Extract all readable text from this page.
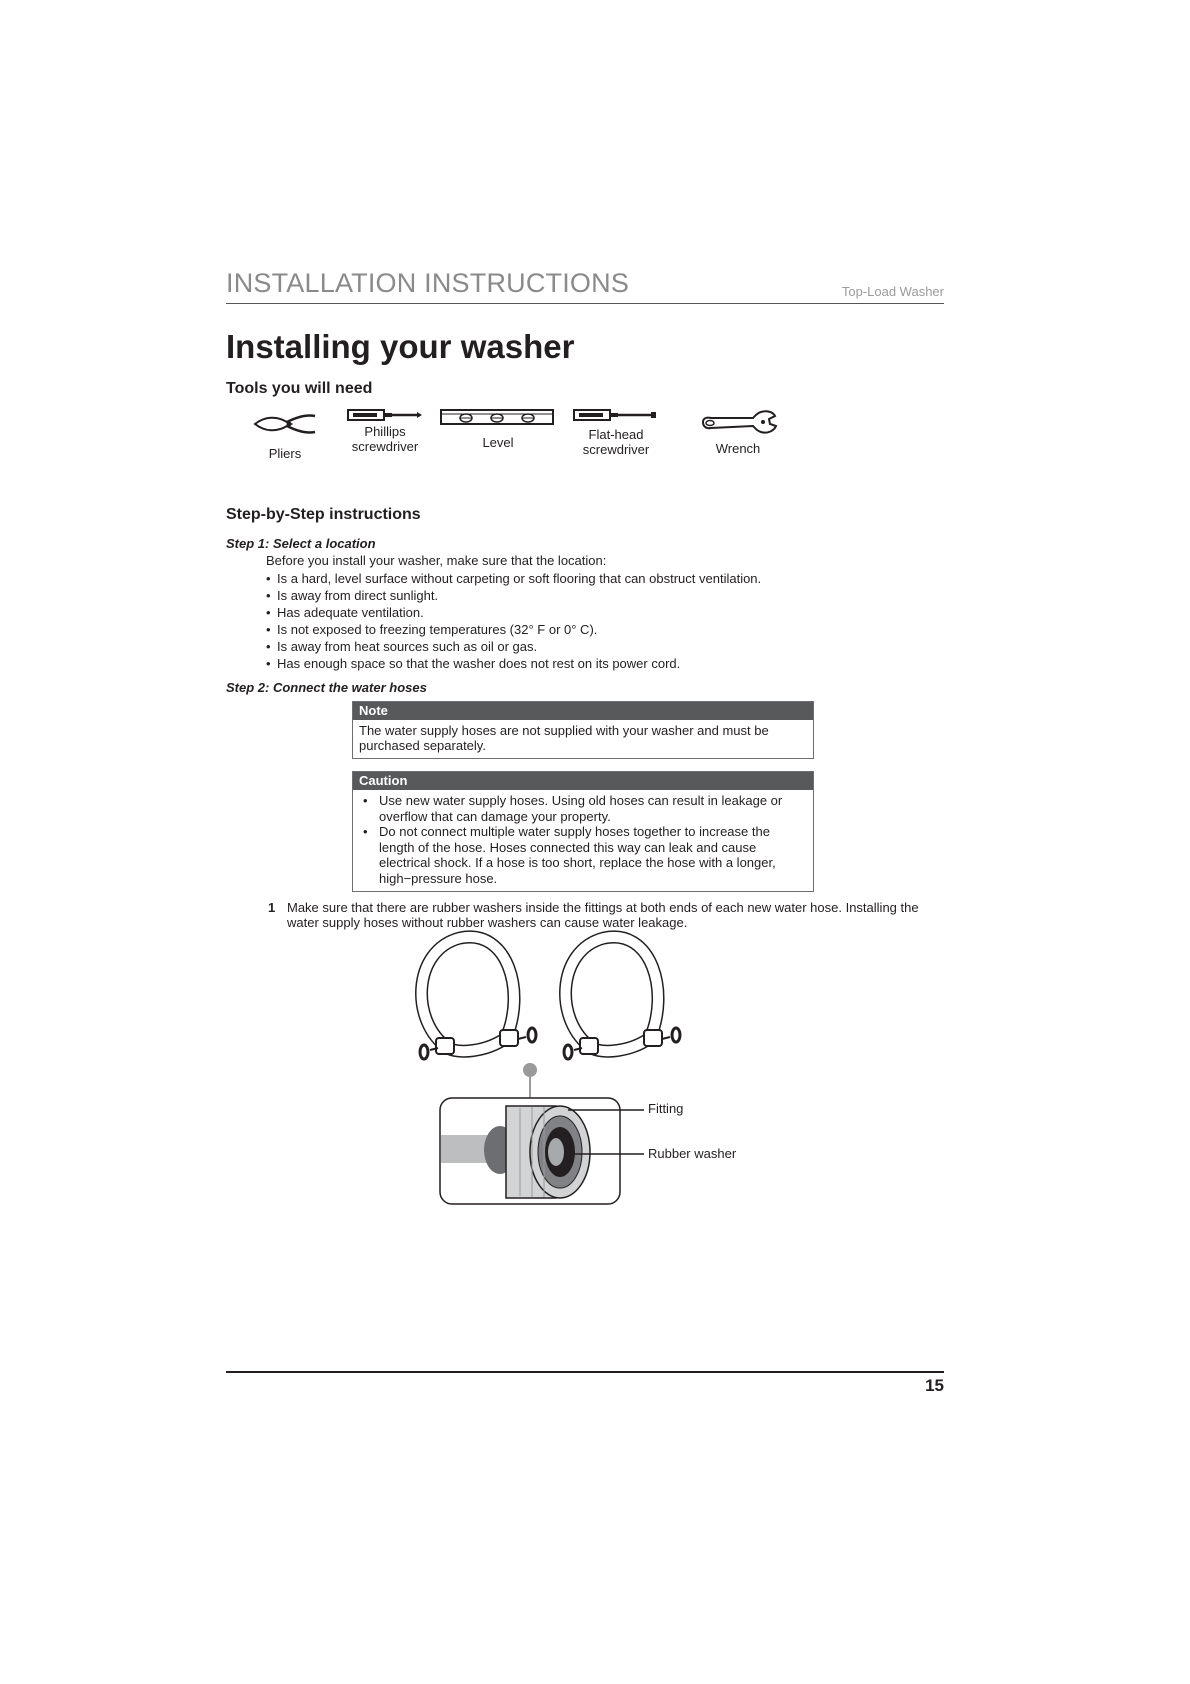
INSTALLATION INSTRUCTIONS	Top-Load Washer
Installing your washer
Tools you will need
Pliers
Phillips
screwdriver	Level
Flat-head
screwdriver	Wrench
Step-by-Step instructions
Step 1: Select a location
Before you install your washer, make sure that the location:
• Is a hard, level surface without carpeting or soft flooring that can obstruct ventilation.
• Is away from direct sunlight.
• Has adequate ventilation.
• Is not exposed to freezing temperatures (32° F or 0° C).
• Is away from heat sources such as oil or gas.
• Has enough space so that the washer does not rest on its power cord.
Step 2: Connect the water hoses
Note
The water supply hoses are not supplied with your washer and must be purchased separately.
Caution
• Use new water supply hoses. Using old hoses can result in leakage or overflow that can damage your property.
• Do not connect multiple water supply hoses together to increase the length of the hose. Hoses connected this way can leak and cause electrical shock. If a hose is too short, replace the hose with a longer, high−pressure hose.
1 Make sure that there are rubber washers inside the fittings at both ends of each new water hose. Installing the water supply hoses without rubber washers can cause water leakage.
Fitting
Rubber washer
15
